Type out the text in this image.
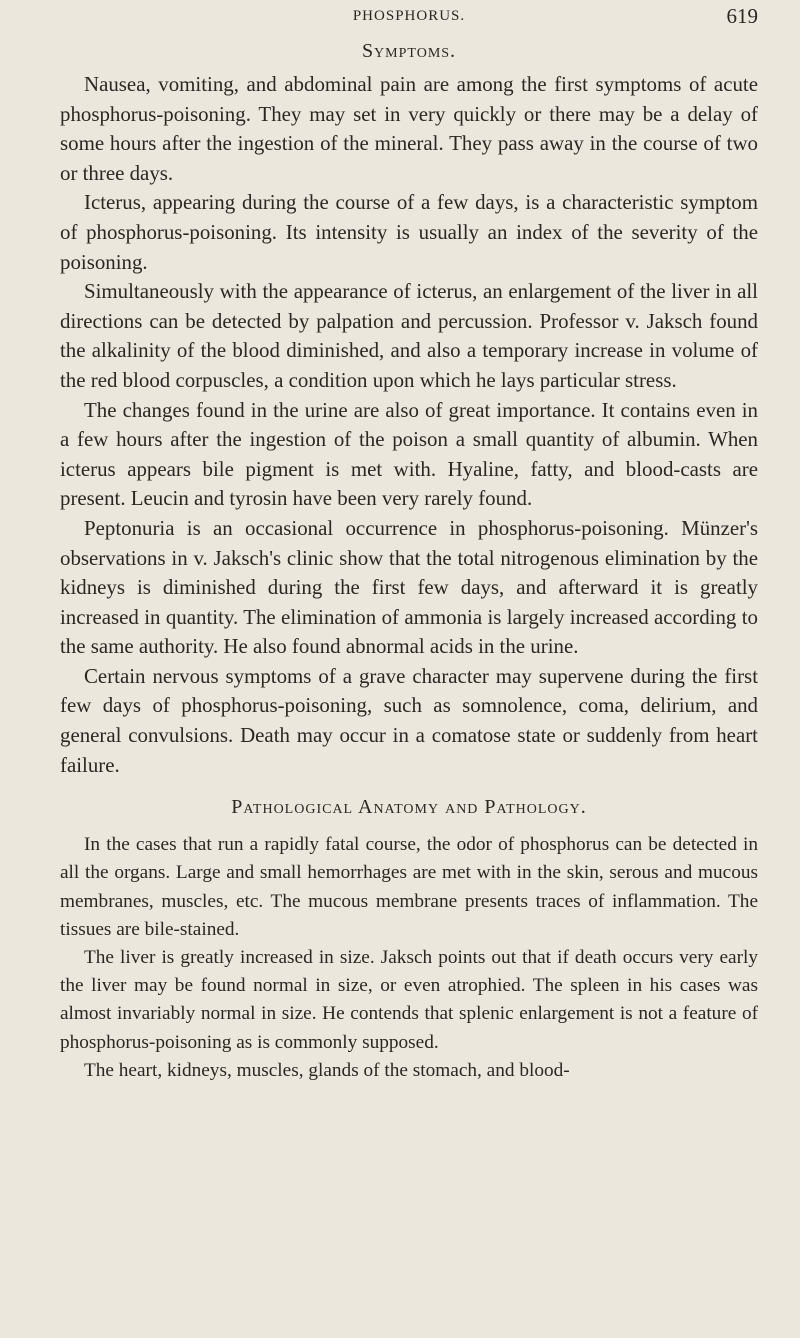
PHOSPHORUS.	619
Symptoms.

Nausea, vomiting, and abdominal pain are among the first symptoms of acute phosphorus-poisoning. They may set in very quickly or there may be a delay of some hours after the ingestion of the mineral. They pass away in the course of two or three days.

Icterus, appearing during the course of a few days, is a characteristic symptom of phosphorus-poisoning. Its intensity is usually an index of the severity of the poisoning.

Simultaneously with the appearance of icterus, an enlargement of the liver in all directions can be detected by palpation and percussion. Professor v. Jaksch found the alkalinity of the blood diminished, and also a temporary increase in volume of the red blood corpuscles, a condition upon which he lays particular stress.

The changes found in the urine are also of great importance. It contains even in a few hours after the ingestion of the poison a small quantity of albumin. When icterus appears bile pigment is met with. Hyaline, fatty, and blood-casts are present. Leucin and tyrosin have been very rarely found.

Peptonuria is an occasional occurrence in phosphorus-poisoning. Münzer's observations in v. Jaksch's clinic show that the total nitrogenous elimination by the kidneys is diminished during the first few days, and afterward it is greatly increased in quantity. The elimination of ammonia is largely increased according to the same authority. He also found abnormal acids in the urine.

Certain nervous symptoms of a grave character may supervene during the first few days of phosphorus-poisoning, such as somnolence, coma, delirium, and general convulsions. Death may occur in a comatose state or suddenly from heart failure.

Pathological Anatomy and Pathology.

In the cases that run a rapidly fatal course, the odor of phosphorus can be detected in all the organs. Large and small hemorrhages are met with in the skin, serous and mucous membranes, muscles, etc. The mucous membrane presents traces of inflammation. The tissues are bile-stained.

The liver is greatly increased in size. Jaksch points out that if death occurs very early the liver may be found normal in size, or even atrophied. The spleen in his cases was almost invariably normal in size. He contends that splenic enlargement is not a feature of phosphorus-poisoning as is commonly supposed.

The heart, kidneys, muscles, glands of the stomach, and blood-
